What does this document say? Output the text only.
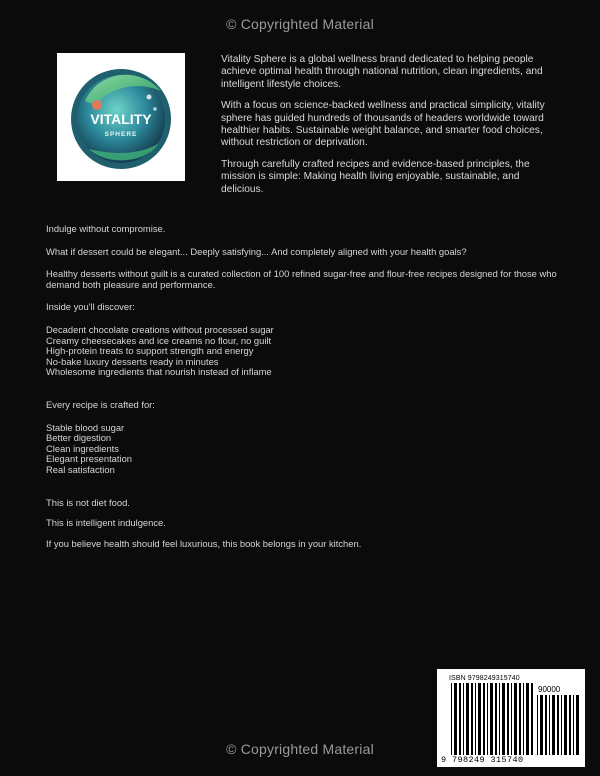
© Copyrighted Material
VITALITY
SPHERE

Vitality Sphere is a global wellness brand dedicated to helping people achieve optimal health through national nutrition, clean ingredients, and intelligent lifestyle choices.

With a focus on science-backed wellness and practical simplicity, vitality sphere has guided hundreds of thousands of headers worldwide toward healthier habits. Sustainable weight balance, and smarter food choices, without restriction or deprivation.

Through carefully crafted recipes and evidence-based principles, the mission is simple: Making health living enjoyable, sustainable, and delicious.

Indulge without compromise.

What if dessert could be elegant... Deeply satisfying... And completely aligned with your health goals?

Healthy desserts without guilt is a curated collection of 100 refined sugar-free and flour-free recipes designed for those who demand both pleasure and performance.

Inside you'll discover:

Decadent chocolate creations without processed sugar
Creamy cheesecakes and ice creams no flour, no guilt
High-protein treats to support strength and energy
No-bake luxury desserts ready in minutes
Wholesome ingredients that nourish instead of inflame

Every recipe is crafted for:

Stable blood sugar
Better digestion
Clean ingredients
Elegant presentation
Real satisfaction

This is not diet food.

This is intelligent indulgence.

If you believe health should feel luxurious, this book belongs in your kitchen.

ISBN 9798249315740
90000
9 798249 315740
© Copyrighted Material
